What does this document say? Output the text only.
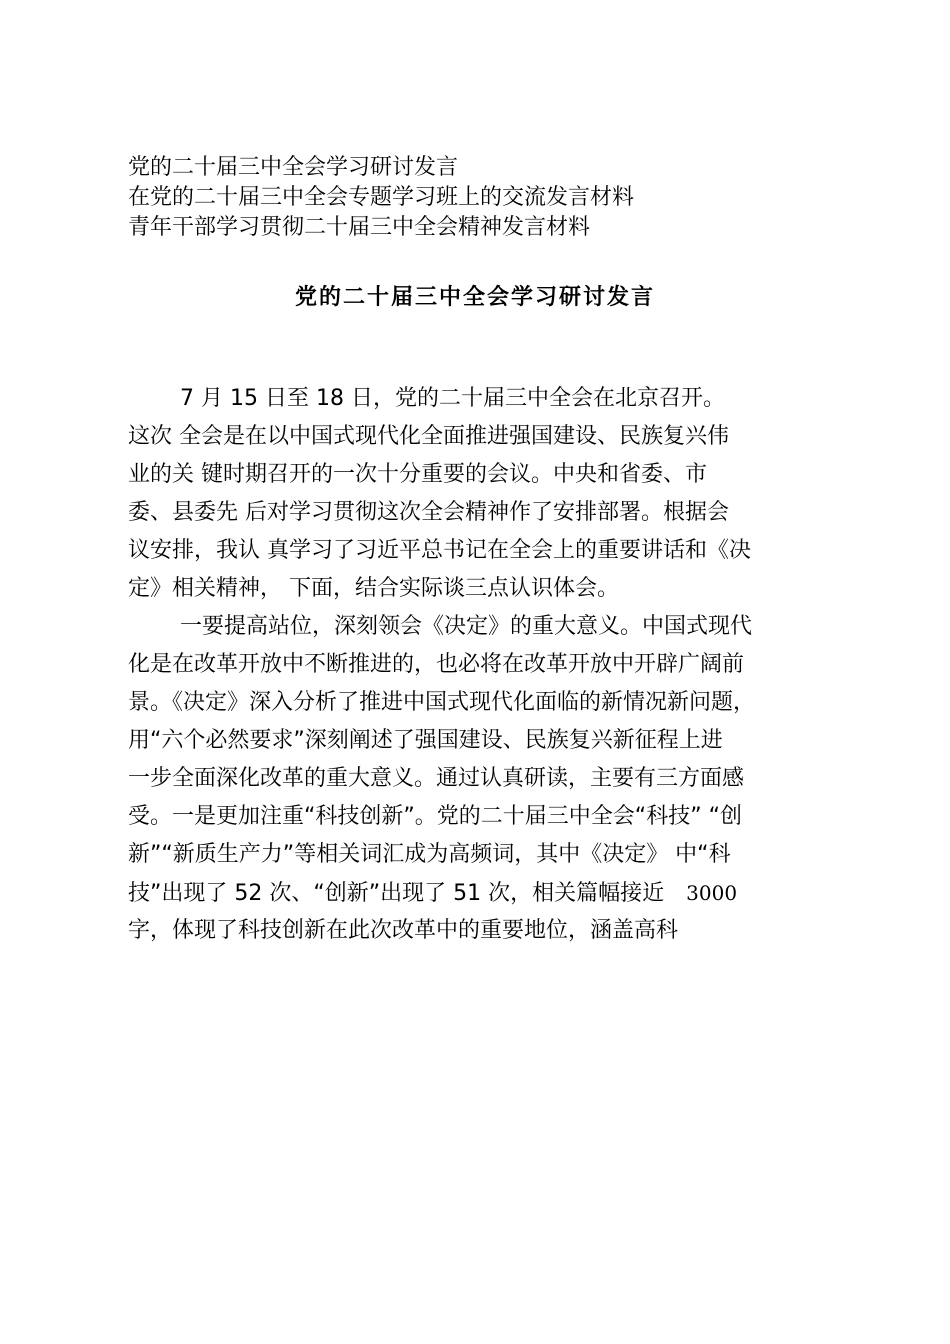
党的二十届三中全会学习研讨发言
在党的二十届三中全会专题学习班上的交流发言材料
青年干部学习贯彻二十届三中全会精神发言材料
党的二十届三中全会学习研讨发言
7 月 15 日至 18 日，党的二十届三中全会在北京召开。
这次 全会是在以中国式现代化全面推进强国建设、民族复兴伟
业的关 键时期召开的一次十分重要的会议。中央和省委、市
委、县委先 后对学习贯彻这次全会精神作了安排部署。根据会
议安排，我认 真学习了习近平总书记在全会上的重要讲话和《决
定》相关精神， 下面，结合实际谈三点认识体会。
一要提高站位，深刻领会《决定》的重大意义。中国式现代
化是在改革开放中不断推进的，也必将在改革开放中开辟广阔前
景。《决定》深入分析了推进中国式现代化面临的新情况新问题，
用“六个必然要求”深刻阐述了强国建设、民族复兴新征程上进
一步全面深化改革的重大意义。通过认真研读，主要有三方面感
受。一是更加注重“科技创新”。党的二十届三中全会“科技” “创
新”“新质生产力”等相关词汇成为高频词，其中《决定》 中“科
技”出现了 52 次、“创新”出现了 51 次，相关篇幅接近 3000
字，体现了科技创新在此次改革中的重要地位，涵盖高科
